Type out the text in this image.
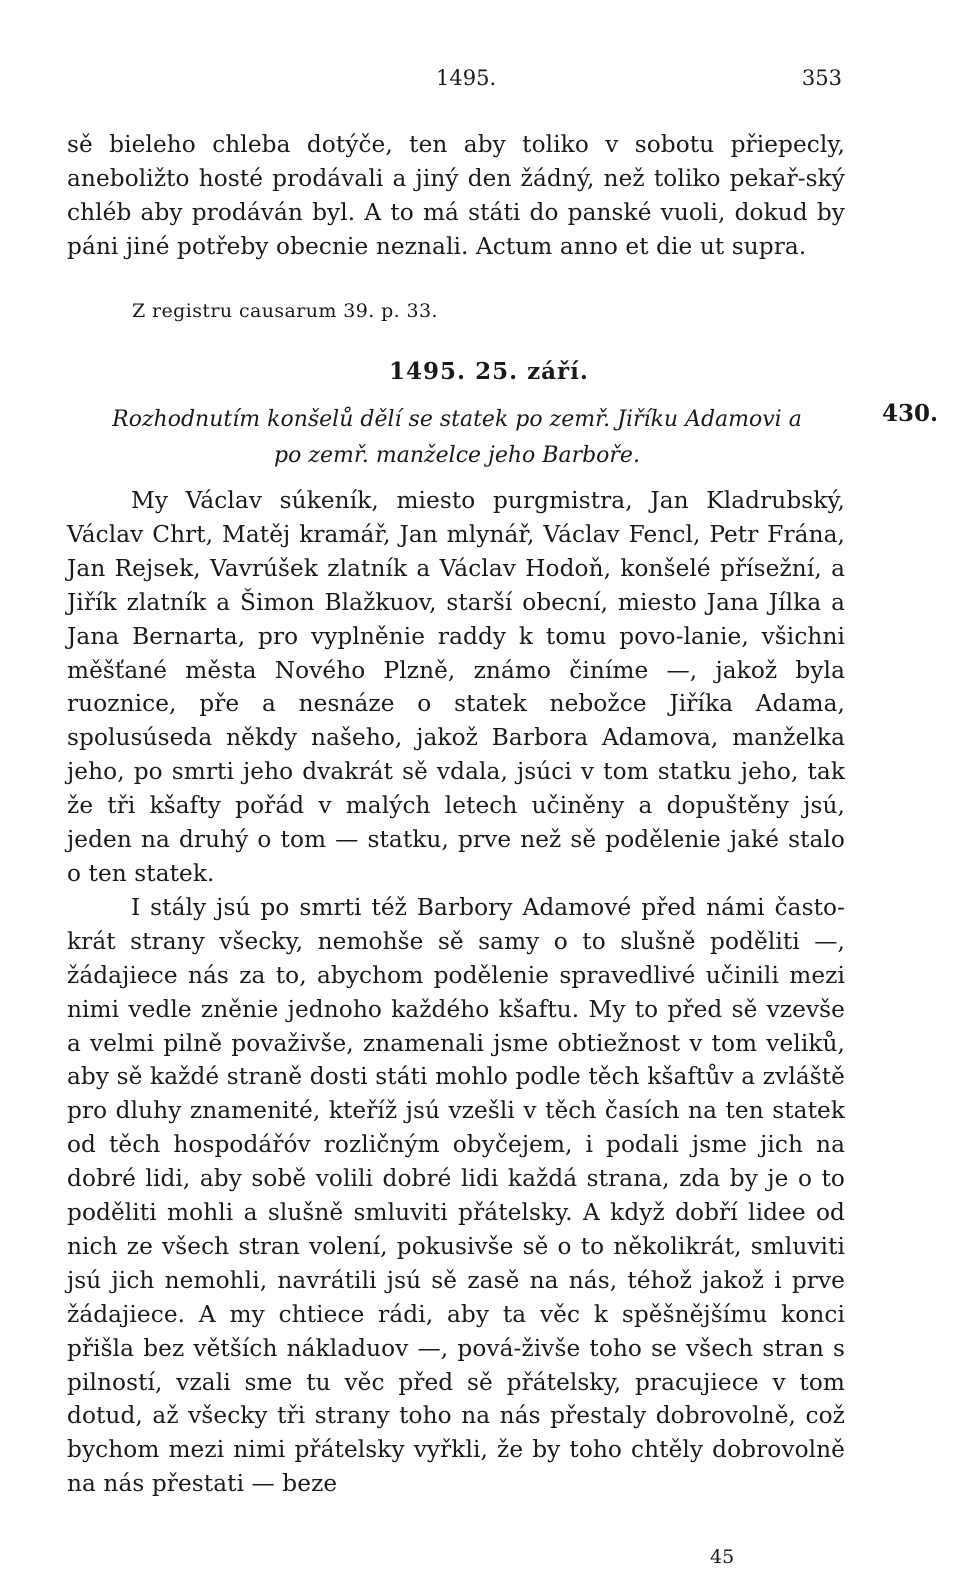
1495.	353
sě bieleho chleba dotýče, ten aby toliko v sobotu přiepecly, aneboližto hosté prodávali a jiný den žádný, než toliko pekař-ský chléb aby prodáván byl. A to má státi do panské vuoli, dokud by páni jiné potřeby obecnie neznali. Actum anno et die ut supra.
Z registru causarum 39. p. 33.
1495. 25. září.
Rozhodnutím konšelů dělí se statek po zemř. Jiříku Adamovi a po zemř. manželce jeho Barboře.
430.

My Václav súkeník, miesto purgmistra, Jan Kladrubský, Václav Chrt, Matěj kramář, Jan mlynář, Václav Fencl, Petr Frána, Jan Rejsek, Vavrúšek zlatník a Václav Hodoň, konšelé přísežní, a Jiřík zlatník a Šimon Blažkuov, starší obecní, miesto Jana Jílka a Jana Bernarta, pro vyplněnie raddy k tomu povo-lanie, všichni měšťané města Nového Plzně, známo činíme —, jakož byla ruoznice, pře a nesnáze o statek nebožce Jiříka Adama, spolusúseda někdy našeho, jakož Barbora Adamova, manželka jeho, po smrti jeho dvakrát sě vdala, jsúci v tom statku jeho, tak že tři kšafty pořád v malých letech učiněny a dopuštěny jsú, jeden na druhý o tom — statku, prve než sě podělenie jaké stalo o ten statek.

I stály jsú po smrti též Barbory Adamové před námi často-krát strany všecky, nemohše sě samy o to slušně poděliti —, žádajiece nás za to, abychom podělenie spravedlivé učinili mezi nimi vedle zněnie jednoho každého kšaftu. My to před sě vzevše a velmi pilně považivše, znamenali jsme obtiežnost v tom veliků, aby sě každé straně dosti státi mohlo podle těch kšaftův a zvláště pro dluhy znamenité, kteříž jsú vzešli v těch časích na ten statek od těch hospodářóv rozličným obyčejem, i podali jsme jich na dobré lidi, aby sobě volili dobré lidi každá strana, zda by je o to poděliti mohli a slušně smluviti přátelsky. A když dobří lidee od nich ze všech stran volení, pokusivše sě o to několikrát, smluviti jsú jich nemohli, navrátili jsú sě zasě na nás, téhož jakož i prve žádajiece. A my chtiece rádi, aby ta věc k spěšnějšímu konci přišla bez větších nákladuov —, pová-živše toho se všech stran s pilností, vzali sme tu věc před sě přátelsky, pracujiece v tom dotud, až všecky tři strany toho na nás přestaly dobrovolně, což bychom mezi nimi přátelsky vyřkli, že by toho chtěly dobrovolně na nás přestati — beze

45
